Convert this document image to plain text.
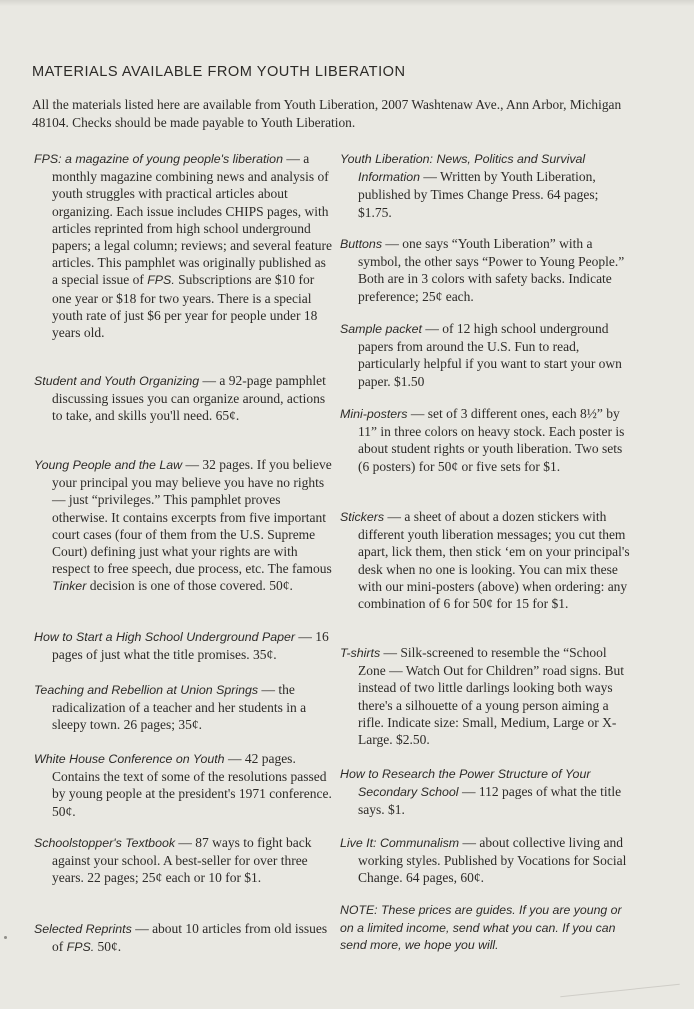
MATERIALS AVAILABLE FROM YOUTH LIBERATION

All the materials listed here are available from Youth Liberation, 2007 Washtenaw Ave., Ann Arbor, Michigan 48104. Checks should be made payable to Youth Liberation.

FPS: a magazine of young people's liberation — a monthly magazine combining news and analysis of youth struggles with practical articles about organizing. Each issue includes CHIPS pages, with articles reprinted from high school underground papers; a legal column; reviews; and several feature articles. This pamphlet was originally published as a special issue of FPS. Subscriptions are $10 for one year or $18 for two years. There is a special youth rate of just $6 per year for people under 18 years old.

Student and Youth Organizing — a 92-page pamphlet discussing issues you can organize around, actions to take, and skills you'll need. 65¢.

Young People and the Law — 32 pages. If you believe your principal you may believe you have no rights — just “privileges.” This pamphlet proves otherwise. It contains excerpts from five important court cases (four of them from the U.S. Supreme Court) defining just what your rights are with respect to free speech, due process, etc. The famous Tinker decision is one of those covered. 50¢.

How to Start a High School Underground Paper — 16 pages of just what the title promises. 35¢.

Teaching and Rebellion at Union Springs — the radicalization of a teacher and her students in a sleepy town. 26 pages; 35¢.

White House Conference on Youth — 42 pages. Contains the text of some of the resolutions passed by young people at the president's 1971 conference. 50¢.

Schoolstopper's Textbook — 87 ways to fight back against your school. A best-seller for over three years. 22 pages; 25¢ each or 10 for $1.

Selected Reprints — about 10 articles from old issues of FPS. 50¢.

Youth Liberation: News, Politics and Survival Information — Written by Youth Liberation, published by Times Change Press. 64 pages; $1.75.

Buttons — one says “Youth Liberation” with a symbol, the other says “Power to Young People.” Both are in 3 colors with safety backs. Indicate preference; 25¢ each.

Sample packet — of 12 high school underground papers from around the U.S. Fun to read, particularly helpful if you want to start your own paper. $1.50

Mini-posters — set of 3 different ones, each 8½” by 11” in three colors on heavy stock. Each poster is about student rights or youth liberation. Two sets (6 posters) for 50¢ or five sets for $1.

Stickers — a sheet of about a dozen stickers with different youth liberation messages; you cut them apart, lick them, then stick ‘em on your principal's desk when no one is looking. You can mix these with our mini-posters (above) when ordering: any combination of 6 for 50¢ for 15 for $1.

T-shirts — Silk-screened to resemble the “School Zone — Watch Out for Children” road signs. But instead of two little darlings looking both ways there's a silhouette of a young person aiming a rifle. Indicate size: Small, Medium, Large or X-Large. $2.50.

How to Research the Power Structure of Your Secondary School — 112 pages of what the title says. $1.

Live It: Communalism — about collective living and working styles. Published by Vocations for Social Change. 64 pages, 60¢.

NOTE: These prices are guides. If you are young or on a limited income, send what you can. If you can send more, we hope you will.
